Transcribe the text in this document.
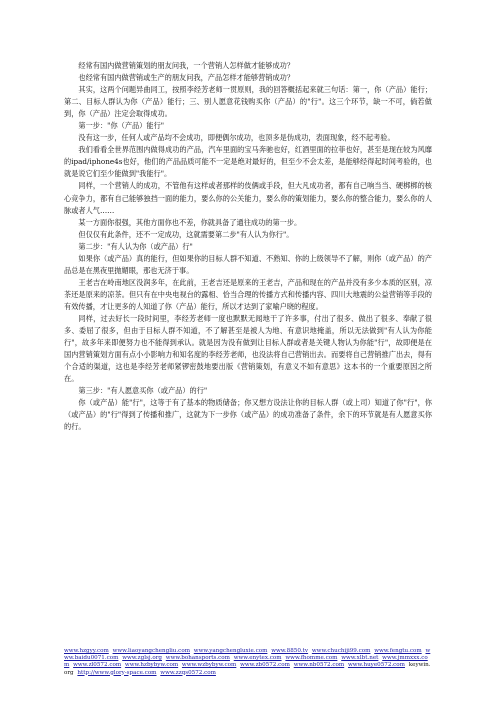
经常有国内做营销策划的朋友问我，一个营销人怎样做才能够成功？

也经常有国内做营销或生产的朋友问我，产品怎样才能够营销成功？

其实，这两个问题异曲同工，按照李经芳老师一贯原则，我的回答概括起来就三句话：第一，你（产品）能行；第二、目标人群认为你（产品）能行；三、别人愿意花钱购买你（产品）的"行"。这三个环节，缺一不可，倘若做到，你（产品）注定会取得成功。

第一步："你（产品）能行"

没有这一步，任何人或产品均不会成功，即便偶尔成功，也顶多是伪成功，表面现象，经不起考验。

我们看看全世界范围内做得成功的产品，汽车里面的宝马奔驰也好，红酒里面的拉菲也好，甚至是现在较为风靡的ipad/iphone4s也好，他们的产品品质可能不一定是绝对最好的，但至少不会太差，是能够经得起时间考验的，也就是说它们至少能做到"我能行"。

同样，一个营销人的成功，不管他有这样或者那样的伎俩或手段，但大凡成功者，都有自己响当当、硬梆梆的核心竞争力，都有自己能够独挡一面的能力，要么你的公关能力，要么你的策划能力，要么你的整合能力，要么你的人脉或者人气……

某一方面你很强，其他方面你也不差，你就具备了通往成功的第一步。

但仅仅有此条件，还不一定成功，这就需要第二步"有人认为你行"。

第二步："有人认为你（或产品）行"

如果你（或产品）真的能行，但如果你的目标人群不知道、不熟知、你的上级领导不了解，则你（或产品）的产品总是在黑夜里抛媚眼，那也无济于事。

王老吉在岭南地区没润多年，在此前，王老吉还是原来的王老吉，产品和现在的产品并没有多少本质的区别，凉茶还是原来的凉茶。但只有在中央电视台的露相、恰当合理的传播方式和传播内容、四川大地震的公益营销等手段的有效传播，才让更多的人知道了你（产品）能行，所以才达到了家喻户晓的程度。

同样，过去好长一段时间里，李经芳老师一度也默默无闻地干了许多事，付出了很多、做出了很多、奉献了很多、委屈了很多，但由于目标人群不知道，不了解甚至是被人为地、有意识地掩盖，所以无法做到"有人认为你能行"，故多年来即便努力也不能得到承认。就是因为没有做到让目标人群或者是关键人物认为你能"行"，故即便是在国内营销策划方面有点小小影响力和知名度的李经芳老师，也没法将自己营销出去。而要将自己营销推广出去，得有个合适的渠道，这也是李经芳老师紧锣密鼓地要出版《营销策划，有意义不如有意思》这本书的一个重要原因之所在。

第三步："有人愿意买你（或产品）的行"

你（或产品）能"行"，这等于有了基本的物质储备；你又想方设法让你的目标人群（或上司）知道了你"行"，你（或产品）的"行"得到了传播和推广，这就为下一步你（或产品）的成功准备了条件，余下的环节就是有人愿意买你的行。

www.hzgyy.com www.liaoyangchengliu.com www.yangchengluxie.com www.8850.tv www.chuchiji99.com www.fengtu.com www.baidu0071.com www.zglsj.org www.bohansports.com www.enytex.com www.fhomme.com www.xlbt.net www.jmmxxx.com www.zl0572.com www.hzbybyw.com www.wzbybyw.com www.zb0572.com www.nb0572.com www.huye0572.com keywin.org http://www.glory-space.com www.zzqs0572.com
